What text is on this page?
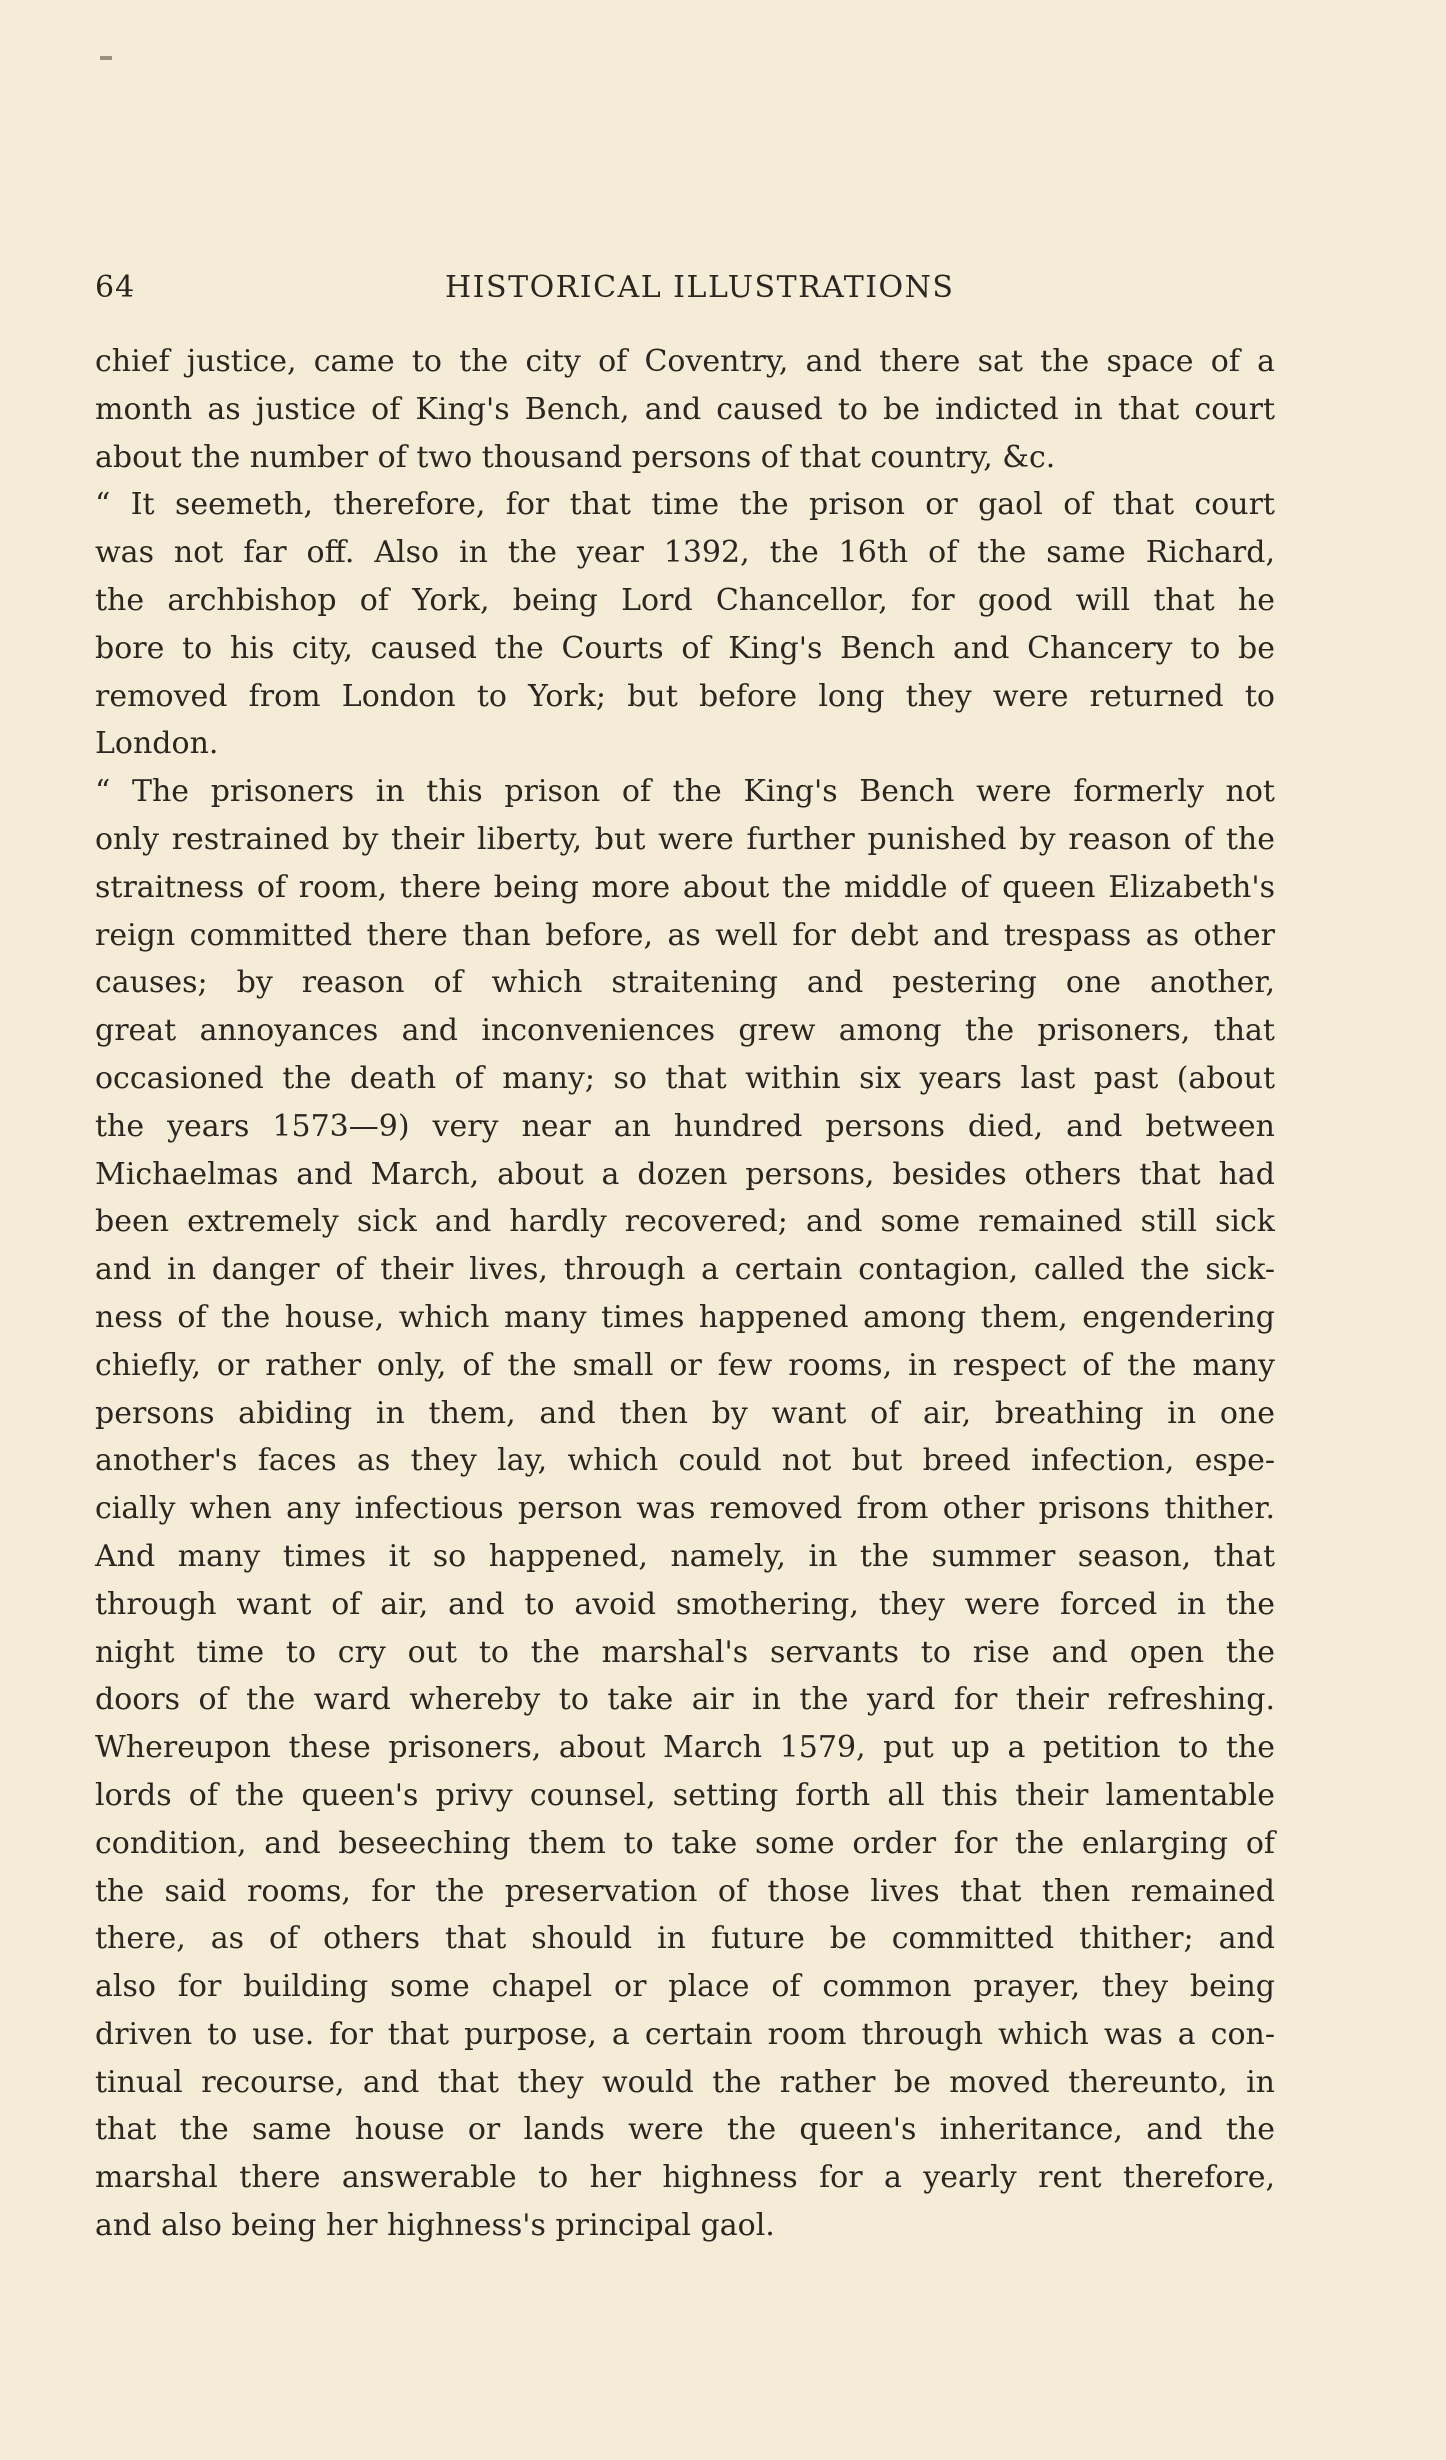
64	HISTORICAL ILLUSTRATIONS
chief justice, came to the city of Coventry, and there sat the space of a
month as justice of King's Bench, and caused to be indicted in that court
about the number of two thousand persons of that country, &c.
“ It seemeth, therefore, for that time the prison or gaol of that court
was not far off. Also in the year 1392, the 16th of the same Richard,
the archbishop of York, being Lord Chancellor, for good will that he
bore to his city, caused the Courts of King's Bench and Chancery to be
removed from London to York; but before long they were returned to
London.
“ The prisoners in this prison of the King's Bench were formerly not
only restrained by their liberty, but were further punished by reason of the
straitness of room, there being more about the middle of queen Elizabeth's
reign committed there than before, as well for debt and trespass as other
causes; by reason of which straitening and pestering one another,
great annoyances and inconveniences grew among the prisoners, that
occasioned the death of many; so that within six years last past (about
the years 1573—9) very near an hundred persons died, and between
Michaelmas and March, about a dozen persons, besides others that had
been extremely sick and hardly recovered; and some remained still sick
and in danger of their lives, through a certain contagion, called the sick-
ness of the house, which many times happened among them, engendering
chiefly, or rather only, of the small or few rooms, in respect of the many
persons abiding in them, and then by want of air, breathing in one
another's faces as they lay, which could not but breed infection, espe-
cially when any infectious person was removed from other prisons thither.
And many times it so happened, namely, in the summer season, that
through want of air, and to avoid smothering, they were forced in the
night time to cry out to the marshal's servants to rise and open the
doors of the ward whereby to take air in the yard for their refreshing.
Whereupon these prisoners, about March 1579, put up a petition to the
lords of the queen's privy counsel, setting forth all this their lamentable
condition, and beseeching them to take some order for the enlarging of
the said rooms, for the preservation of those lives that then remained
there, as of others that should in future be committed thither; and
also for building some chapel or place of common prayer, they being
driven to use. for that purpose, a certain room through which was a con-
tinual recourse, and that they would the rather be moved thereunto, in
that the same house or lands were the queen's inheritance, and the
marshal there answerable to her highness for a yearly rent therefore,
and also being her highness's principal gaol.
